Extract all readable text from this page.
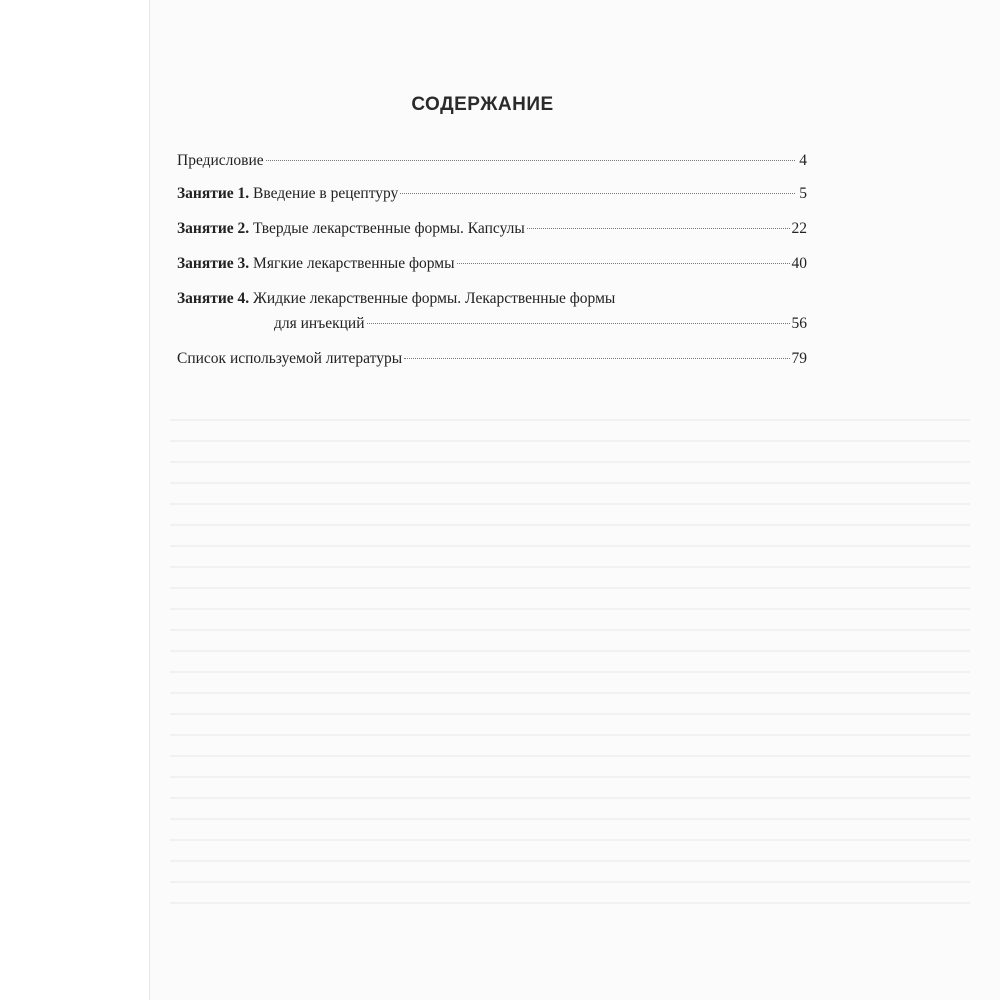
СОДЕРЖАНИЕ
Предисловие	4
Занятие 1. Введение в рецептуру	5
Занятие 2. Твердые лекарственные формы. Капсулы	22
Занятие 3. Мягкие лекарственные формы	40
Занятие 4. Жидкие лекарственные формы. Лекарственные формы
для инъекций	56
Список используемой литературы	79
